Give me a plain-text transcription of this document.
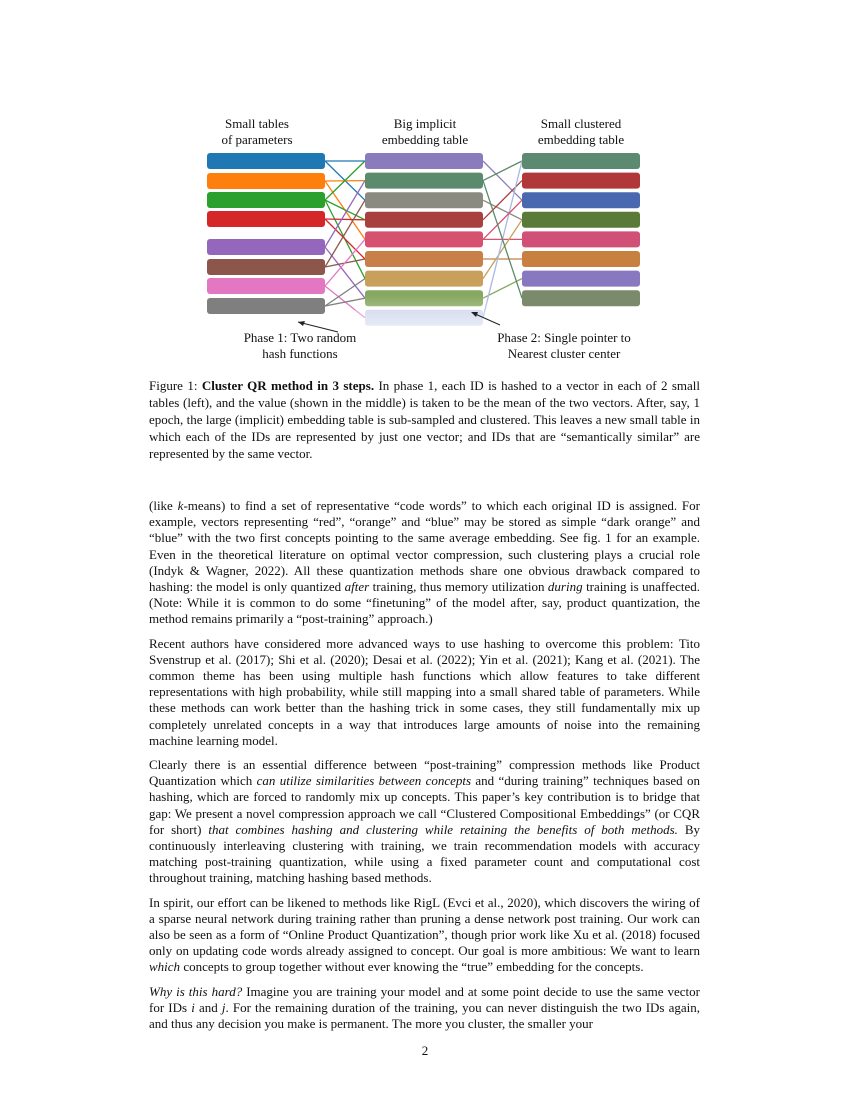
Small tables
of parameters
Big implicit
embedding table
Small clustered
embedding table
Phase 1: Two random
hash functions
Phase 2: Single pointer to
Nearest cluster center
Figure 1: Cluster QR method in 3 steps. In phase 1, each ID is hashed to a vector in each of 2 small tables (left), and the value (shown in the middle) is taken to be the mean of the two vectors. After, say, 1 epoch, the large (implicit) embedding table is sub-sampled and clustered. This leaves a new small table in which each of the IDs are represented by just one vector; and IDs that are “semantically similar” are represented by the same vector.

(like k-means) to find a set of representative “code words” to which each original ID is assigned. For example, vectors representing “red”, “orange” and “blue” may be stored as simple “dark orange” and “blue” with the two first concepts pointing to the same average embedding. See fig. 1 for an example. Even in the theoretical literature on optimal vector compression, such clustering plays a crucial role (Indyk & Wagner, 2022). All these quantization methods share one obvious drawback compared to hashing: the model is only quantized after training, thus memory utilization during training is unaffected. (Note: While it is common to do some “finetuning” of the model after, say, product quantization, the method remains primarily a “post-training” approach.)

Recent authors have considered more advanced ways to use hashing to overcome this problem: Tito Svenstrup et al. (2017); Shi et al. (2020); Desai et al. (2022); Yin et al. (2021); Kang et al. (2021). The common theme has been using multiple hash functions which allow features to take different representations with high probability, while still mapping into a small shared table of parameters. While these methods can work better than the hashing trick in some cases, they still fundamentally mix up completely unrelated concepts in a way that introduces large amounts of noise into the remaining machine learning model.

Clearly there is an essential difference between “post-training” compression methods like Product Quantization which can utilize similarities between concepts and “during training” techniques based on hashing, which are forced to randomly mix up concepts. This paper’s key contribution is to bridge that gap: We present a novel compression approach we call “Clustered Compositional Embeddings” (or CQR for short) that combines hashing and clustering while retaining the benefits of both methods. By continuously interleaving clustering with training, we train recommendation models with accuracy matching post-training quantization, while using a fixed parameter count and computational cost throughout training, matching hashing based methods.

In spirit, our effort can be likened to methods like RigL (Evci et al., 2020), which discovers the wiring of a sparse neural network during training rather than pruning a dense network post training. Our work can also be seen as a form of “Online Product Quantization”, though prior work like Xu et al. (2018) focused only on updating code words already assigned to concept. Our goal is more ambitious: We want to learn which concepts to group together without ever knowing the “true” embedding for the concepts.

Why is this hard? Imagine you are training your model and at some point decide to use the same vector for IDs i and j. For the remaining duration of the training, you can never distinguish the two IDs again, and thus any decision you make is permanent. The more you cluster, the smaller your

2
